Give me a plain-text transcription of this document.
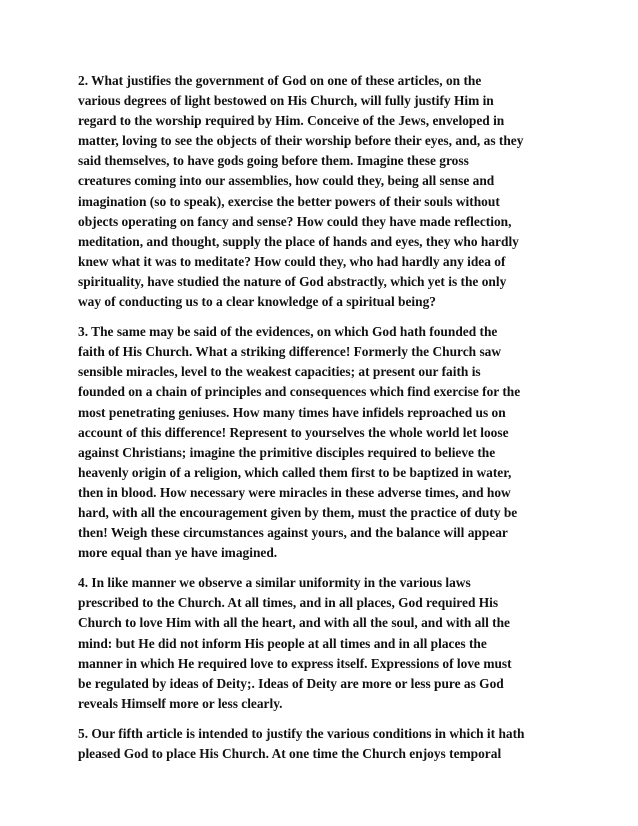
2. What justifies the government of God on one of these articles, on the
various degrees of light bestowed on His Church, will fully justify Him in
regard to the worship required by Him. Conceive of the Jews, enveloped in
matter, loving to see the objects of their worship before their eyes, and, as they
said themselves, to have gods going before them. Imagine these gross
creatures coming into our assemblies, how could they, being all sense and
imagination (so to speak), exercise the better powers of their souls without
objects operating on fancy and sense? How could they have made reflection,
meditation, and thought, supply the place of hands and eyes, they who hardly
knew what it was to meditate? How could they, who had hardly any idea of
spirituality, have studied the nature of God abstractly, which yet is the only
way of conducting us to a clear knowledge of a spiritual being?

3. The same may be said of the evidences, on which God hath founded the
faith of His Church. What a striking difference! Formerly the Church saw
sensible miracles, level to the weakest capacities; at present our faith is
founded on a chain of principles and consequences which find exercise for the
most penetrating geniuses. How many times have infidels reproached us on
account of this difference! Represent to yourselves the whole world let loose
against Christians; imagine the primitive disciples required to believe the
heavenly origin of a religion, which called them first to be baptized in water,
then in blood. How necessary were miracles in these adverse times, and how
hard, with all the encouragement given by them, must the practice of duty be
then! Weigh these circumstances against yours, and the balance will appear
more equal than ye have imagined.

4. In like manner we observe a similar uniformity in the various laws
prescribed to the Church. At all times, and in all places, God required His
Church to love Him with all the heart, and with all the soul, and with all the
mind: but He did not inform His people at all times and in all places the
manner in which He required love to express itself. Expressions of love must
be regulated by ideas of Deity;. Ideas of Deity are more or less pure as God
reveals Himself more or less clearly.

5. Our fifth article is intended to justify the various conditions in which it hath
pleased God to place His Church. At one time the Church enjoys temporal
